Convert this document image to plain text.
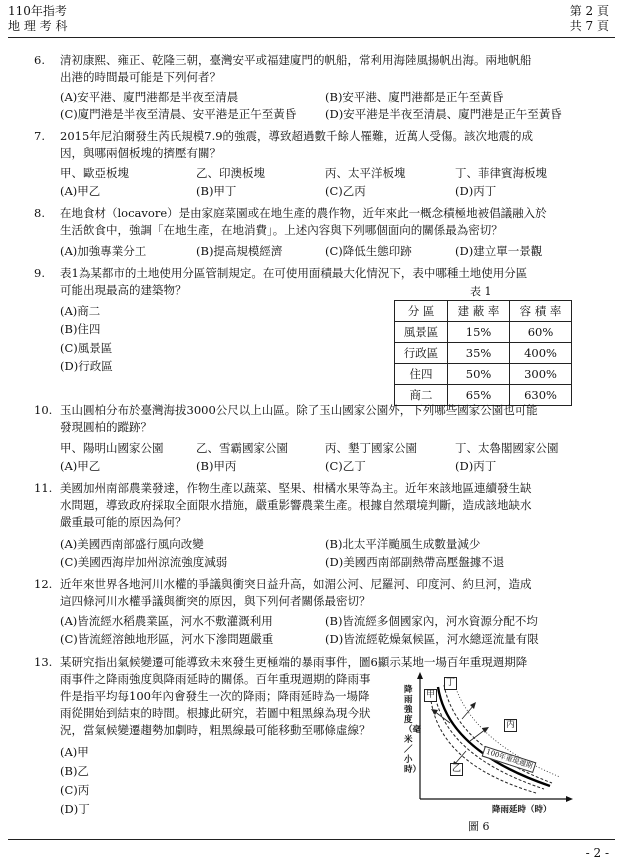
110年指考
地 理 考 科
第 2 頁
共 7 頁
6. 清初康熙、雍正、乾隆三朝，臺灣安平或福建廈門的帆船，常利用海陸風揚帆出海。兩地帆船
出港的時間最可能是下列何者？
(A)安平港、廈門港都是半夜至清晨	(B)安平港、廈門港都是正午至黃昏
(C)廈門港是半夜至清晨、安平港是正午至黃昏 (D)安平港是半夜至清晨、廈門港是正午至黃昏
7. 2015年尼泊爾發生芮氏規模7.9的強震，導致超過數千餘人罹難，近萬人受傷。該次地震的成
因，與哪兩個板塊的擠壓有關？
甲、歐亞板塊	乙、印澳板塊	丙、太平洋板塊	丁、菲律賓海板塊
(A)甲乙	(B)甲丁	(C)乙丙	(D)丙丁
8. 在地食材（locavore）是由家庭菜園或在地生產的農作物，近年來此一概念積極地被倡議融入於
生活飲食中，強調「在地生產，在地消費」。上述內容與下列哪個面向的關係最為密切？
(A)加強專業分工	(B)提高規模經濟	(C)降低生態印跡	(D)建立單一景觀
9. 表1為某都市的土地使用分區管制規定。在可使用面積最大化情況下，表中哪種土地使用分區
可能出現最高的建築物？
(A)商二
(B)住四
(C)風景區
(D)行政區
表 1
分 區	建 蔽 率	容 積 率
風景區	15%	60%
行政區	35%	400%
住四	50%	300%
商二	65%	630%
10. 玉山圓柏分布於臺灣海拔3000公尺以上山區。除了玉山國家公園外，下列哪些國家公園也可能
發現圓柏的蹤跡？
甲、陽明山國家公園	乙、雪霸國家公園	丙、墾丁國家公園	丁、太魯閣國家公園
(A)甲乙	(B)甲丙	(C)乙丁	(D)丙丁
11. 美國加州南部農業發達，作物生產以蔬菜、堅果、柑橘水果等為主。近年來該地區連續發生缺
水問題，導致政府採取全面限水措施，嚴重影響農業生產。根據自然環境判斷，造成該地缺水
嚴重最可能的原因為何？
(A)美國西南部盛行風向改變	(B)北太平洋颱風生成數量減少
(C)美國西海岸加州涼流強度減弱	(D)美國西南部副熱帶高壓盤據不退
12. 近年來世界各地河川水權的爭議與衝突日益升高，如湄公河、尼羅河、印度河、約旦河，造成
這四條河川水權爭議與衝突的原因，與下列何者關係最密切？
(A)皆流經水稻農業區，河水不敷灌溉利用	(B)皆流經多個國家內，河水資源分配不均
(C)皆流經溶蝕地形區，河水下滲問題嚴重	(D)皆流經乾燥氣候區，河水總逕流量有限
13. 某研究指出氣候變遷可能導致未來發生更極端的暴雨事件，圖6顯示某地一場百年重現週期降
雨事件之降雨強度與降雨延時的關係。百年重現週期的降雨事
件是指平均每100年內會發生一次的降雨；降雨延時為一場降
雨從開始到結束的時間。根據此研究，若圖中粗黑線為現今狀
況，當氣候變遷趨勢加劇時，粗黑線最可能移動至哪條虛線？
(A)甲
(B)乙
(C)丙
(D)丁
降雨強度（毫米／小時）
降雨延時（時）
100年重現週期
甲
乙
丙
丁
圖 6
- 2 -
